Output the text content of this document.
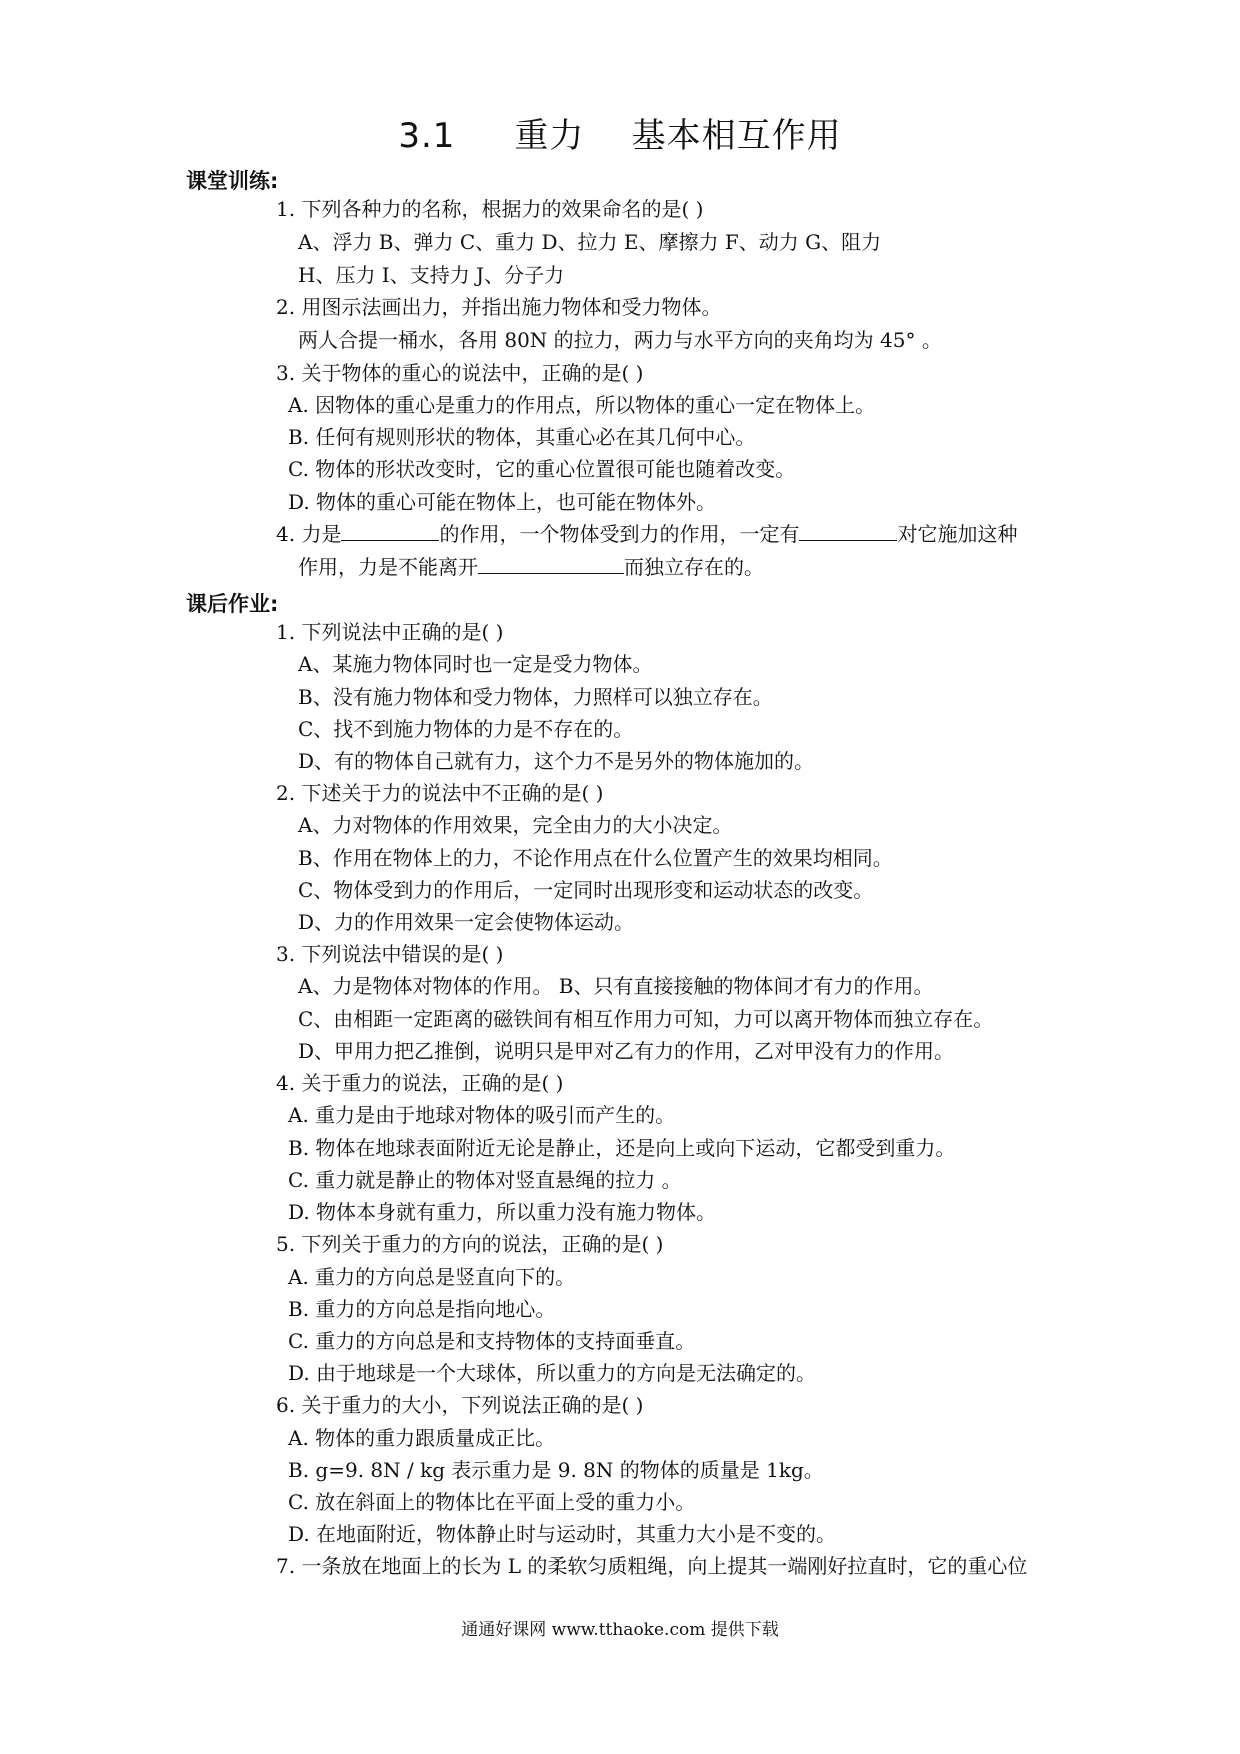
3.1     重力    基本相互作用
课堂训练:
1. 下列各种力的名称，根据力的效果命名的是( )
A、浮力 B、弹力 C、重力 D、拉力 E、摩擦力 F、动力 G、阻力
H、压力 I、支持力 J、分子力
2. 用图示法画出力，并指出施力物体和受力物体。
两人合提一桶水，各用 80N 的拉力，两力与水平方向的夹角均为 45° 。
3. 关于物体的重心的说法中，正确的是( )
A. 因物体的重心是重力的作用点，所以物体的重心一定在物体上。
B. 任何有规则形状的物体，其重心必在其几何中心。
C. 物体的形状改变时，它的重心位置很可能也随着改变。
D. 物体的重心可能在物体上，也可能在物体外。
4. 力是	的作用，一个物体受到力的作用，一定有	对它施加这种
作用，力是不能离开	而独立存在的。
课后作业:
1. 下列说法中正确的是( )
A、某施力物体同时也一定是受力物体。
B、没有施力物体和受力物体，力照样可以独立存在。
C、找不到施力物体的力是不存在的。
D、有的物体自己就有力，这个力不是另外的物体施加的。
2. 下述关于力的说法中不正确的是( )
A、力对物体的作用效果，完全由力的大小决定。
B、作用在物体上的力，不论作用点在什么位置产生的效果均相同。
C、物体受到力的作用后，一定同时出现形变和运动状态的改变。
D、力的作用效果一定会使物体运动。
3. 下列说法中错误的是( )
A、力是物体对物体的作用。 B、只有直接接触的物体间才有力的作用。
C、由相距一定距离的磁铁间有相互作用力可知，力可以离开物体而独立存在。
D、甲用力把乙推倒，说明只是甲对乙有力的作用，乙对甲没有力的作用。
4. 关于重力的说法，正确的是( )
A. 重力是由于地球对物体的吸引而产生的。
B. 物体在地球表面附近无论是静止，还是向上或向下运动，它都受到重力。
C. 重力就是静止的物体对竖直悬绳的拉力 。
D. 物体本身就有重力，所以重力没有施力物体。
5. 下列关于重力的方向的说法，正确的是( )
A. 重力的方向总是竖直向下的。
B. 重力的方向总是指向地心。
C. 重力的方向总是和支持物体的支持面垂直。
D. 由于地球是一个大球体，所以重力的方向是无法确定的。
6. 关于重力的大小，下列说法正确的是( )
A. 物体的重力跟质量成正比。
B. g=9. 8N / kg 表示重力是 9. 8N 的物体的质量是 1kg。
C. 放在斜面上的物体比在平面上受的重力小。
D. 在地面附近，物体静止时与运动时，其重力大小是不变的。
7. 一条放在地面上的长为 L 的柔软匀质粗绳，向上提其一端刚好拉直时，它的重心位
通通好课网 www.tthaoke.com 提供下载
